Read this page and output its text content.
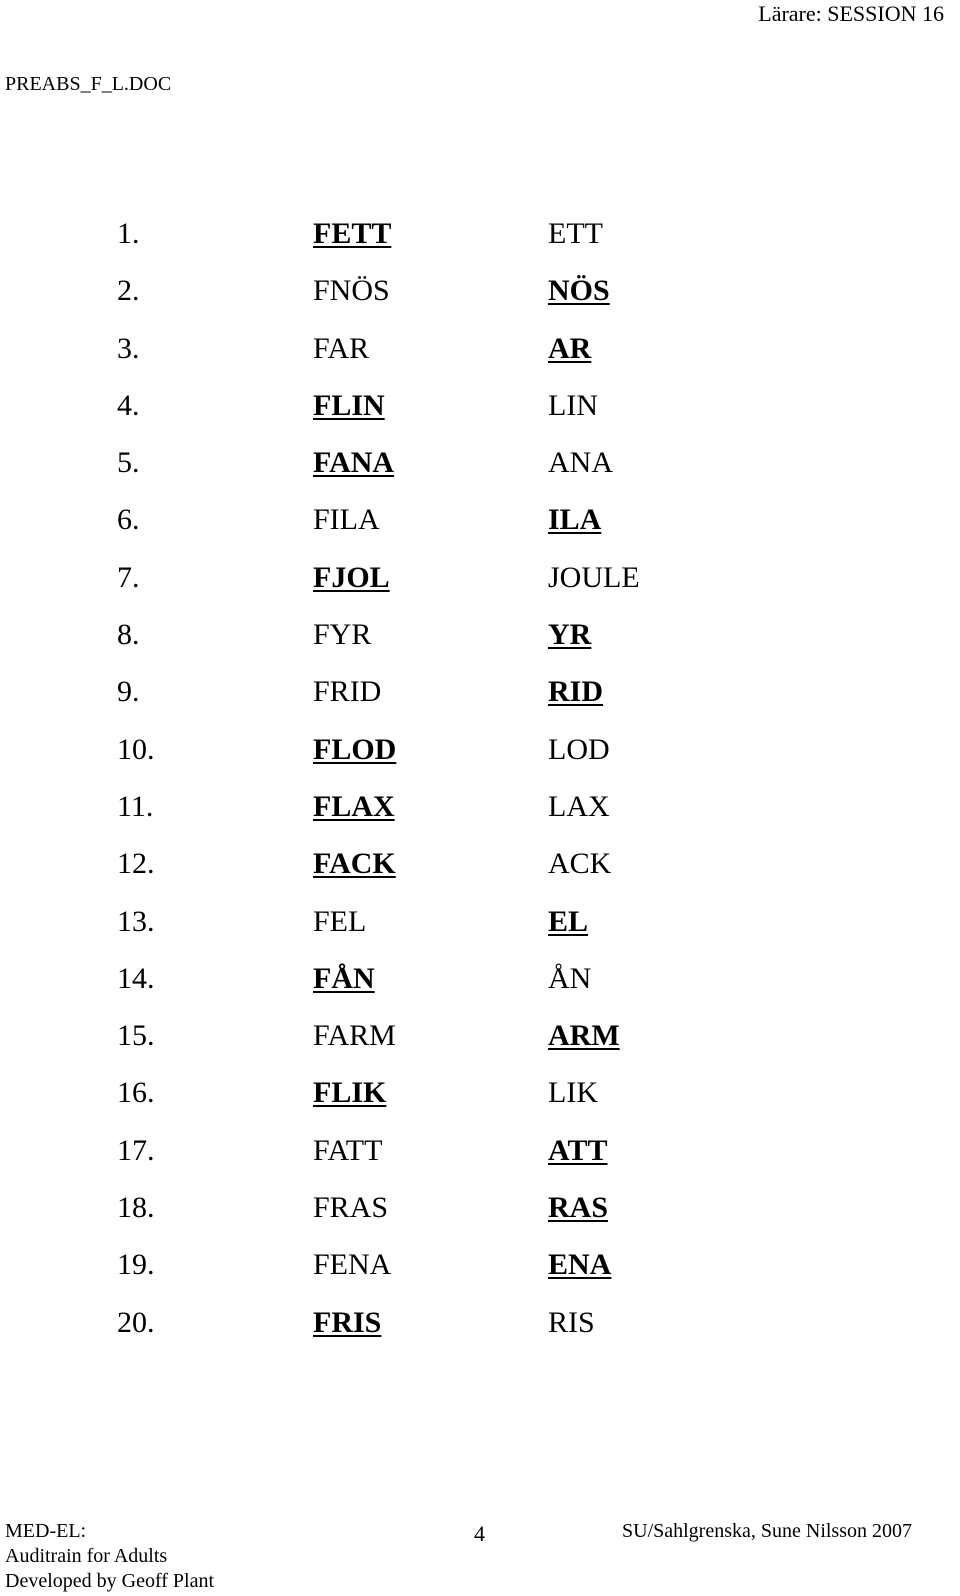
Lärare: SESSION 16
PREABS_F_L.DOC
1.	FETT	ETT
2.	FNÖS	NÖS
3.	FAR	AR
4.	FLIN	LIN
5.	FANA	ANA
6.	FILA	ILA
7.	FJOL	JOULE
8.	FYR	YR
9.	FRID	RID
10.	FLOD	LOD
11.	FLAX	LAX
12.	FACK	ACK
13.	FEL	EL
14.	FÅN	ÅN
15.	FARM	ARM
16.	FLIK	LIK
17.	FATT	ATT
18.	FRAS	RAS
19.	FENA	ENA
20.	FRIS	RIS
MED-EL:
Auditrain for Adults
Developed by Geoff Plant
4	SU/Sahlgrenska, Sune Nilsson 2007
